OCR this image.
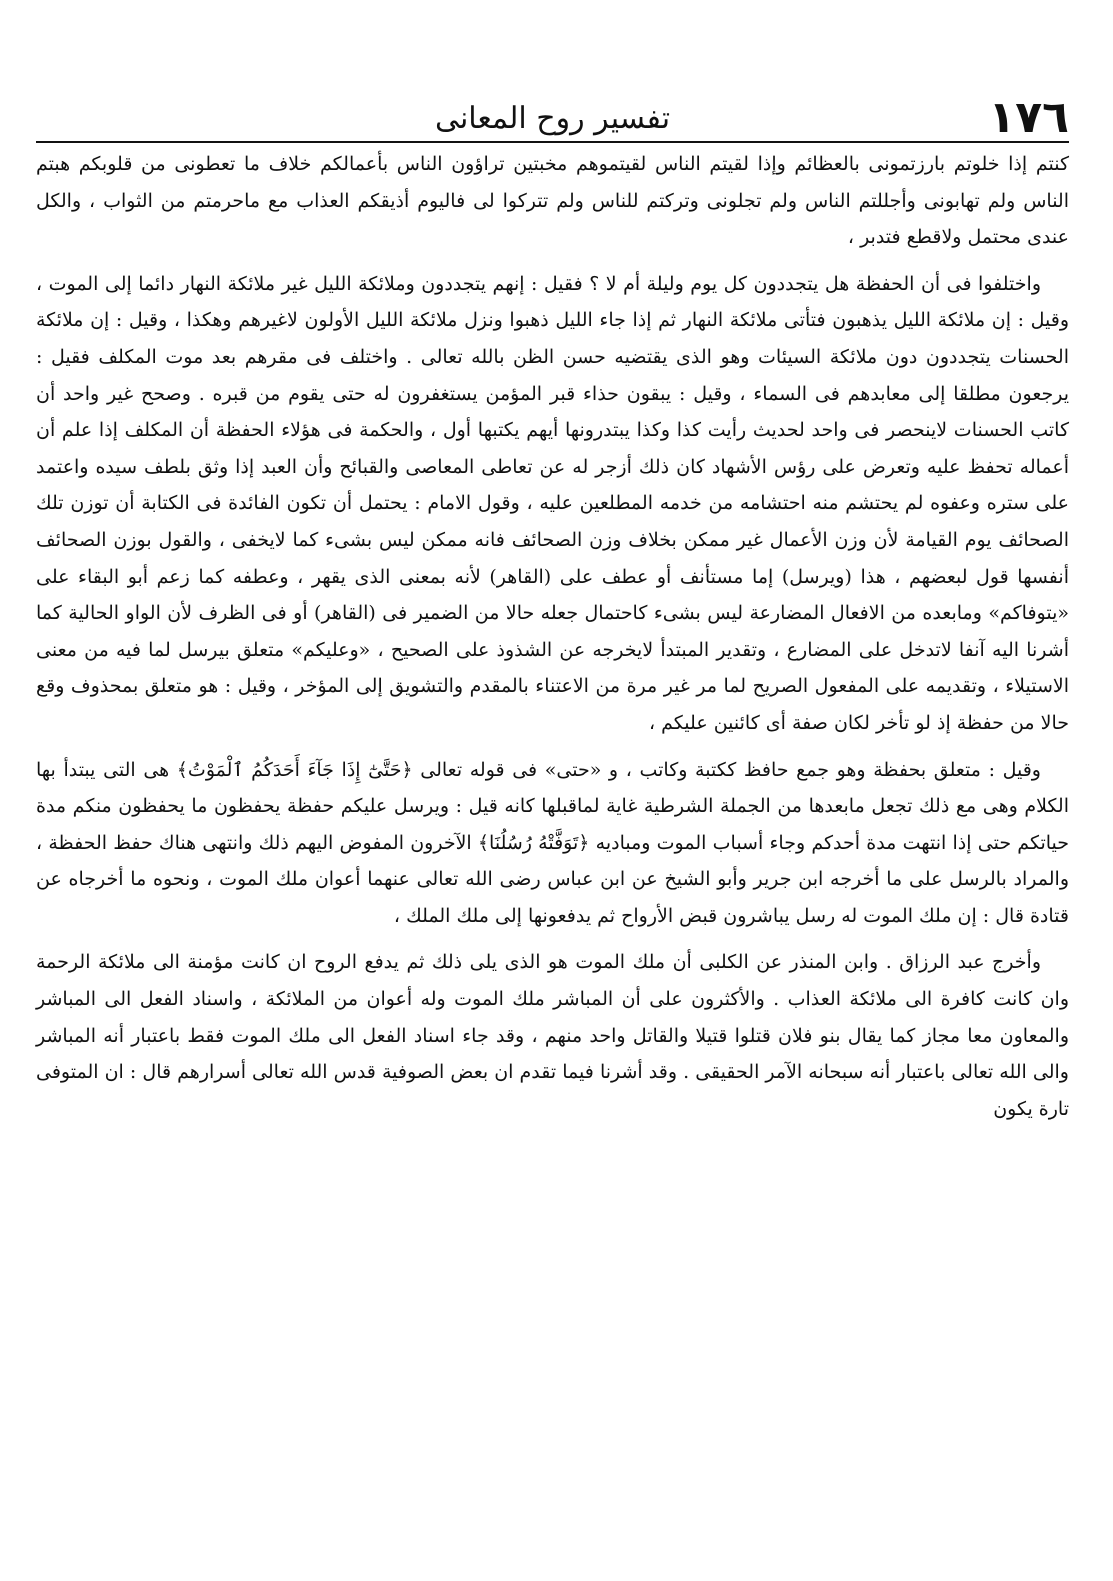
١٧٦
تفسير روح المعانى

كنتم إذا خلوتم بارزتمونى بالعظائم وإذا لقيتم الناس لقيتموهم مخبتين تراؤون الناس بأعمالكم خلاف ما تعطونى من قلوبكم هبتم الناس ولم تهابونى وأجللتم الناس ولم تجلونى وتركتم للناس ولم تتركوا لى فاليوم أذيقكم العذاب مع ماحرمتم من الثواب ، والكل عندى محتمل ولاقطع فتدبر ،

واختلفوا فى أن الحفظة هل يتجددون كل يوم وليلة أم لا ؟ فقيل : إنهم يتجددون وملائكة الليل غير ملائكة النهار دائما إلى الموت ، وقيل : إن ملائكة الليل يذهبون فتأتى ملائكة النهار ثم إذا جاء الليل ذهبوا ونزل ملائكة الليل الأولون لاغيرهم وهكذا ، وقيل : إن ملائكة الحسنات يتجددون دون ملائكة السيئات وهو الذى يقتضيه حسن الظن بالله تعالى . واختلف فى مقرهم بعد موت المكلف فقيل : يرجعون مطلقا إلى معابدهم فى السماء ، وقيل : يبقون حذاء قبر المؤمن يستغفرون له حتى يقوم من قبره . وصحح غير واحد أن كاتب الحسنات لاينحصر فى واحد لحديث رأيت كذا وكذا يبتدرونها أيهم يكتبها أول ، والحكمة فى هؤلاء الحفظة أن المكلف إذا علم أن أعماله تحفظ عليه وتعرض على رؤس الأشهاد كان ذلك أزجر له عن تعاطى المعاصى والقبائح وأن العبد إذا وثق بلطف سيده واعتمد على ستره وعفوه لم يحتشم منه احتشامه من خدمه المطلعين عليه ، وقول الامام : يحتمل أن تكون الفائدة فى الكتابة أن توزن تلك الصحائف يوم القيامة لأن وزن الأعمال غير ممكن بخلاف وزن الصحائف فانه ممكن ليس بشىء كما لايخفى ، والقول بوزن الصحائف أنفسها قول لبعضهم ، هذا (ويرسل) إما مستأنف أو عطف على (القاهر) لأنه بمعنى الذى يقهر ، وعطفه كما زعم أبو البقاء على «يتوفاكم» ومابعده من الافعال المضارعة ليس بشىء كاحتمال جعله حالا من الضمير فى (القاهر) أو فى الظرف لأن الواو الحالية كما أشرنا اليه آنفا لاتدخل على المضارع ، وتقدير المبتدأ لايخرجه عن الشذوذ على الصحيح ، «وعليكم» متعلق بيرسل لما فيه من معنى الاستيلاء ، وتقديمه على المفعول الصريح لما مر غير مرة من الاعتناء بالمقدم والتشويق إلى المؤخر ، وقيل : هو متعلق بمحذوف وقع حالا من حفظة إذ لو تأخر لكان صفة أى كائنين عليكم ،

وقيل : متعلق بحفظة وهو جمع حافظ ككتبة وكاتب ، و «حتى» فى قوله تعالى ﴿حَتَّىٰٓ إِذَا جَآءَ أَحَدَكُمُ ٱلْمَوْتُ﴾ هى التى يبتدأ بها الكلام وهى مع ذلك تجعل مابعدها من الجملة الشرطية غاية لماقبلها كانه قيل : ويرسل عليكم حفظة يحفظون ما يحفظون منكم مدة حياتكم حتى إذا انتهت مدة أحدكم وجاء أسباب الموت ومباديه ﴿تَوَفَّتْهُ رُسُلُنَا﴾ الآخرون المفوض اليهم ذلك وانتهى هناك حفظ الحفظة ، والمراد بالرسل على ما أخرجه ابن جرير وأبو الشيخ عن ابن عباس رضى الله تعالى عنهما أعوان ملك الموت ، ونحوه ما أخرجاه عن قتادة قال : إن ملك الموت له رسل يباشرون قبض الأرواح ثم يدفعونها إلى ملك الملك ،

وأخرج عبد الرزاق . وابن المنذر عن الكلبى أن ملك الموت هو الذى يلى ذلك ثم يدفع الروح ان كانت مؤمنة الى ملائكة الرحمة وان كانت كافرة الى ملائكة العذاب . والأكثرون على أن المباشر ملك الموت وله أعوان من الملائكة ، واسناد الفعل الى المباشر والمعاون معا مجاز كما يقال بنو فلان قتلوا قتيلا والقاتل واحد منهم ، وقد جاء اسناد الفعل الى ملك الموت فقط باعتبار أنه المباشر والى الله تعالى باعتبار أنه سبحانه الآمر الحقيقى . وقد أشرنا فيما تقدم ان بعض الصوفية قدس الله تعالى أسرارهم قال : ان المتوفى تارة يكون
